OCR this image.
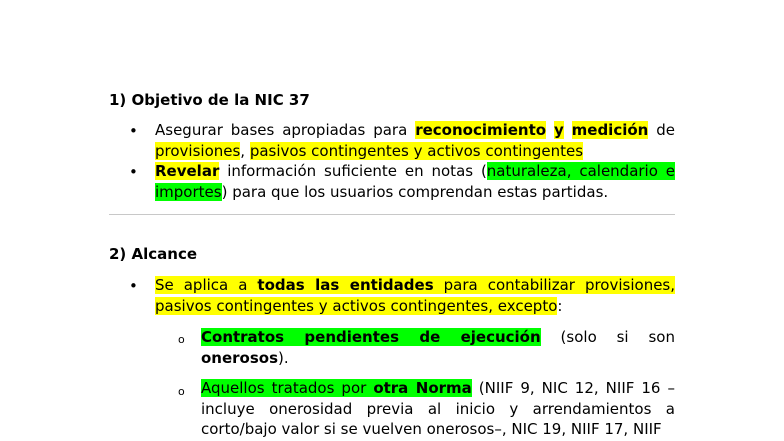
1) Objetivo de la NIC 37
• Asegurar bases apropiadas para reconocimiento y medición de provisiones, pasivos contingentes y activos contingentes
• Revelar información suficiente en notas (naturaleza, calendario e importes) para que los usuarios comprendan estas partidas.
2) Alcance
• Se aplica a todas las entidades para contabilizar provisiones, pasivos contingentes y activos contingentes, excepto:
o Contratos pendientes de ejecución (solo si son onerosos).
o Aquellos tratados por otra Norma (NIIF 9, NIC 12, NIIF 16 – incluye onerosidad previa al inicio y arrendamientos a corto/bajo valor si se vuelven onerosos–, NIC 19, NIIF 17, NIIF
